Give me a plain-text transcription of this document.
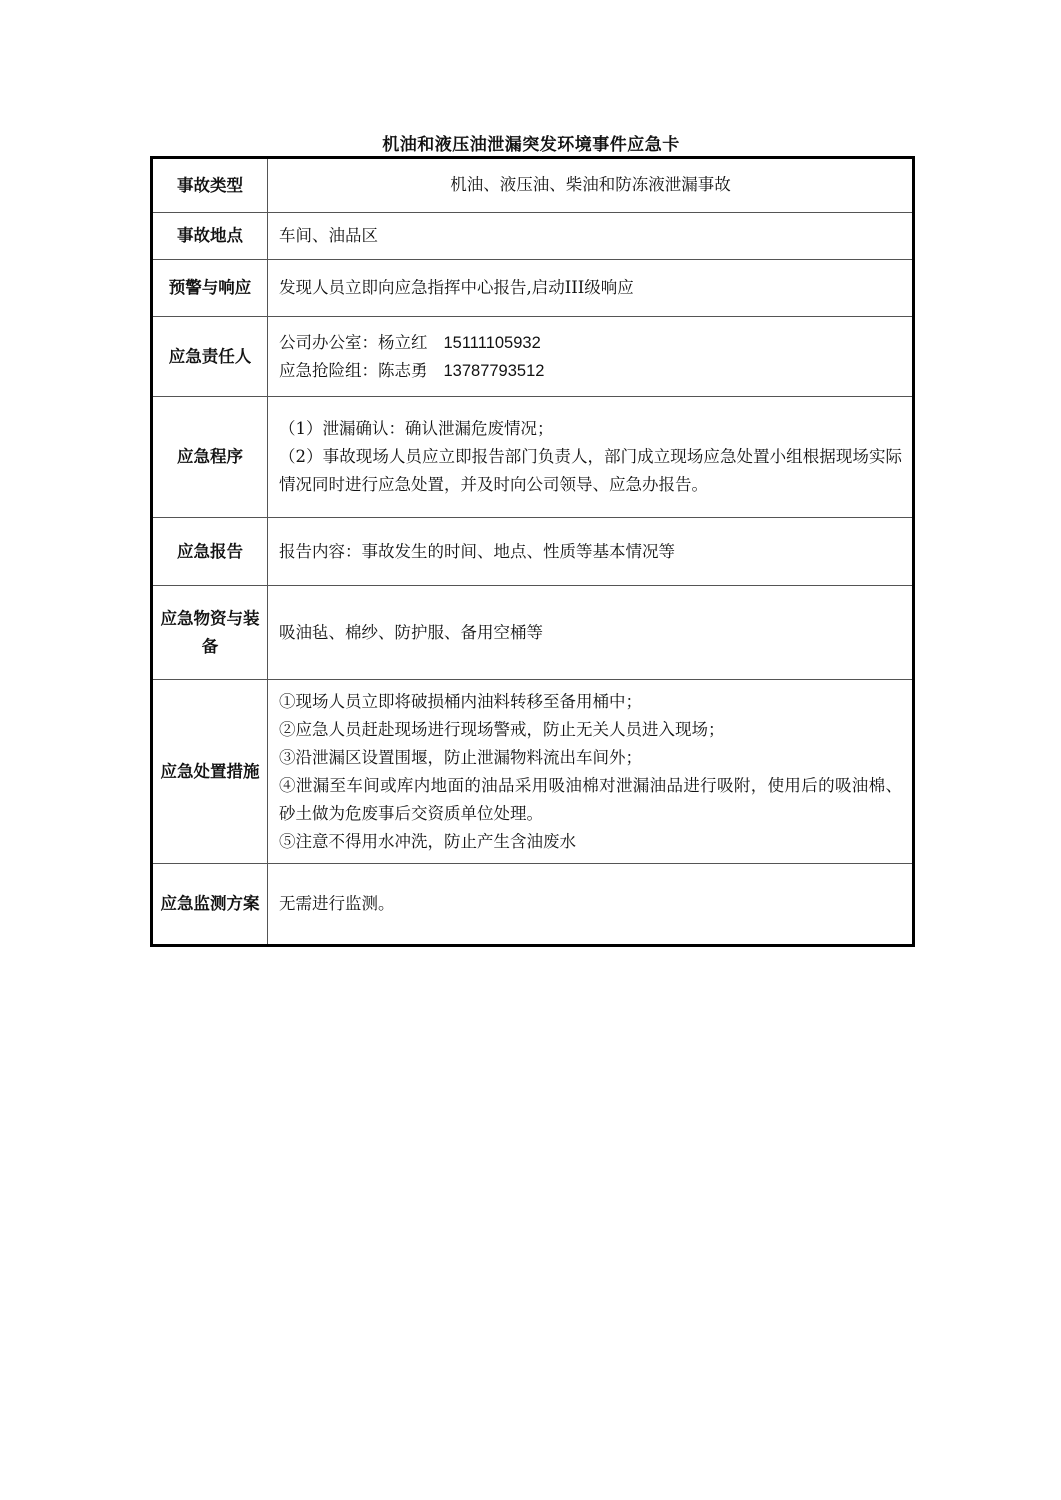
机油和液压油泄漏突发环境事件应急卡
事故类型	机油、液压油、柴油和防冻液泄漏事故
事故地点	车间、油品区
预警与响应	发现人员立即向应急指挥中心报告,启动III级响应
应急责任人	公司办公室：杨立红 15111105932
应急抢险组：陈志勇 13787793512

应急程序	（1）泄漏确认：确认泄漏危废情况；
（2）事故现场人员应立即报告部门负责人，部门成立现场应急处置小组根据现场实际情况同时进行应急处置，并及时向公司领导、应急办报告。

应急报告	报告内容：事故发生的时间、地点、性质等基本情况等
应急物资与装备	吸油毡、棉纱、防护服、备用空桶等
应急处置措施	①现场人员立即将破损桶内油料转移至备用桶中；
②应急人员赶赴现场进行现场警戒，防止无关人员进入现场；
③沿泄漏区设置围堰，防止泄漏物料流出车间外；
④泄漏至车间或库内地面的油品采用吸油棉对泄漏油品进行吸附，使用后的吸油棉、砂土做为危废事后交资质单位处理。
⑤注意不得用水冲洗，防止产生含油废水

应急监测方案	无需进行监测。
